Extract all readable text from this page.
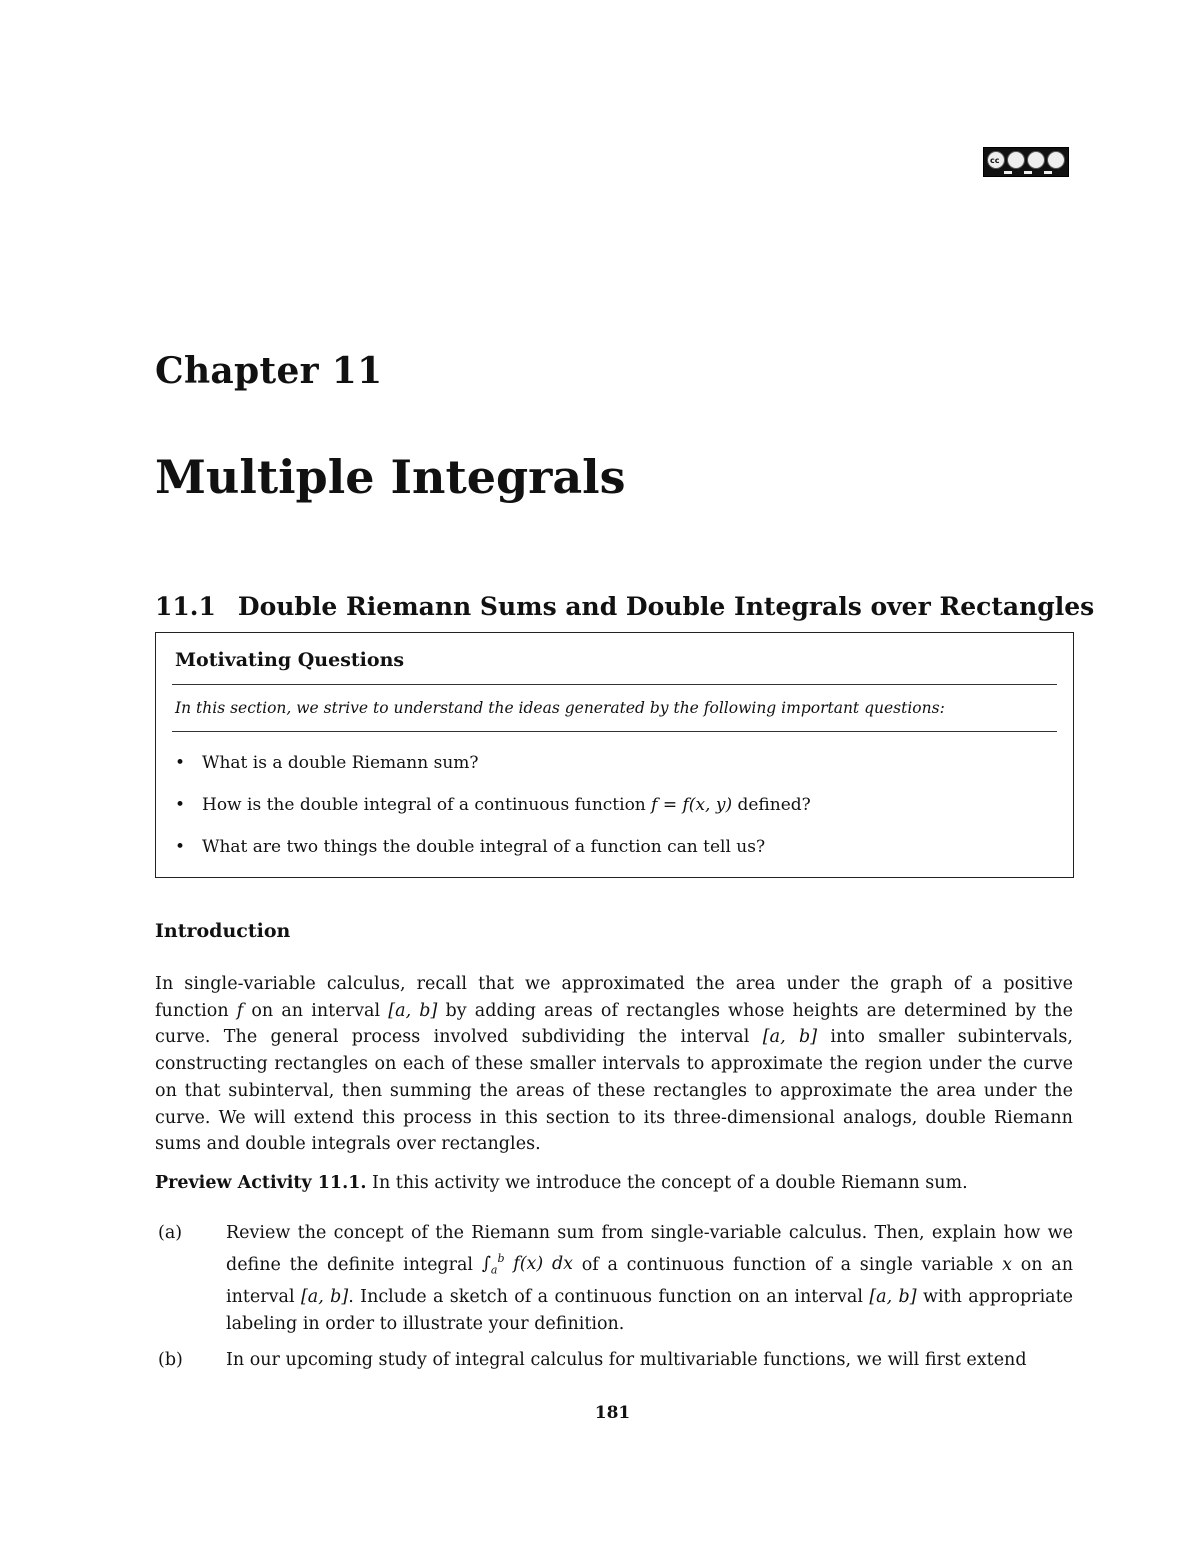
cc
Chapter 11
Multiple Integrals
11.1 Double Riemann Sums and Double Integrals over Rectangles
Motivating Questions
In this section, we strive to understand the ideas generated by the following important questions:
• What is a double Riemann sum?
• How is the double integral of a continuous function f = f(x, y) defined?
• What are two things the double integral of a function can tell us?
Introduction

In single-variable calculus, recall that we approximated the area under the graph of a positive function f on an interval [a, b] by adding areas of rectangles whose heights are determined by the curve. The general process involved subdividing the interval [a, b] into smaller subintervals, constructing rectangles on each of these smaller intervals to approximate the region under the curve on that subinterval, then summing the areas of these rectangles to approximate the area under the curve. We will extend this process in this section to its three-dimensional analogs, double Riemann sums and double integrals over rectangles.

Preview Activity 11.1. In this activity we introduce the concept of a double Riemann sum.
(a)	Review the concept of the Riemann sum from single-variable calculus. Then, explain how we define the definite integral $\int_a^b$ f(x) dx of a continuous function of a single variable x on an interval [a, b]. Include a sketch of a continuous function on an interval [a, b] with appropriate labeling in order to illustrate your definition.
(b) In our upcoming study of integral calculus for multivariable functions, we will first extend
181
